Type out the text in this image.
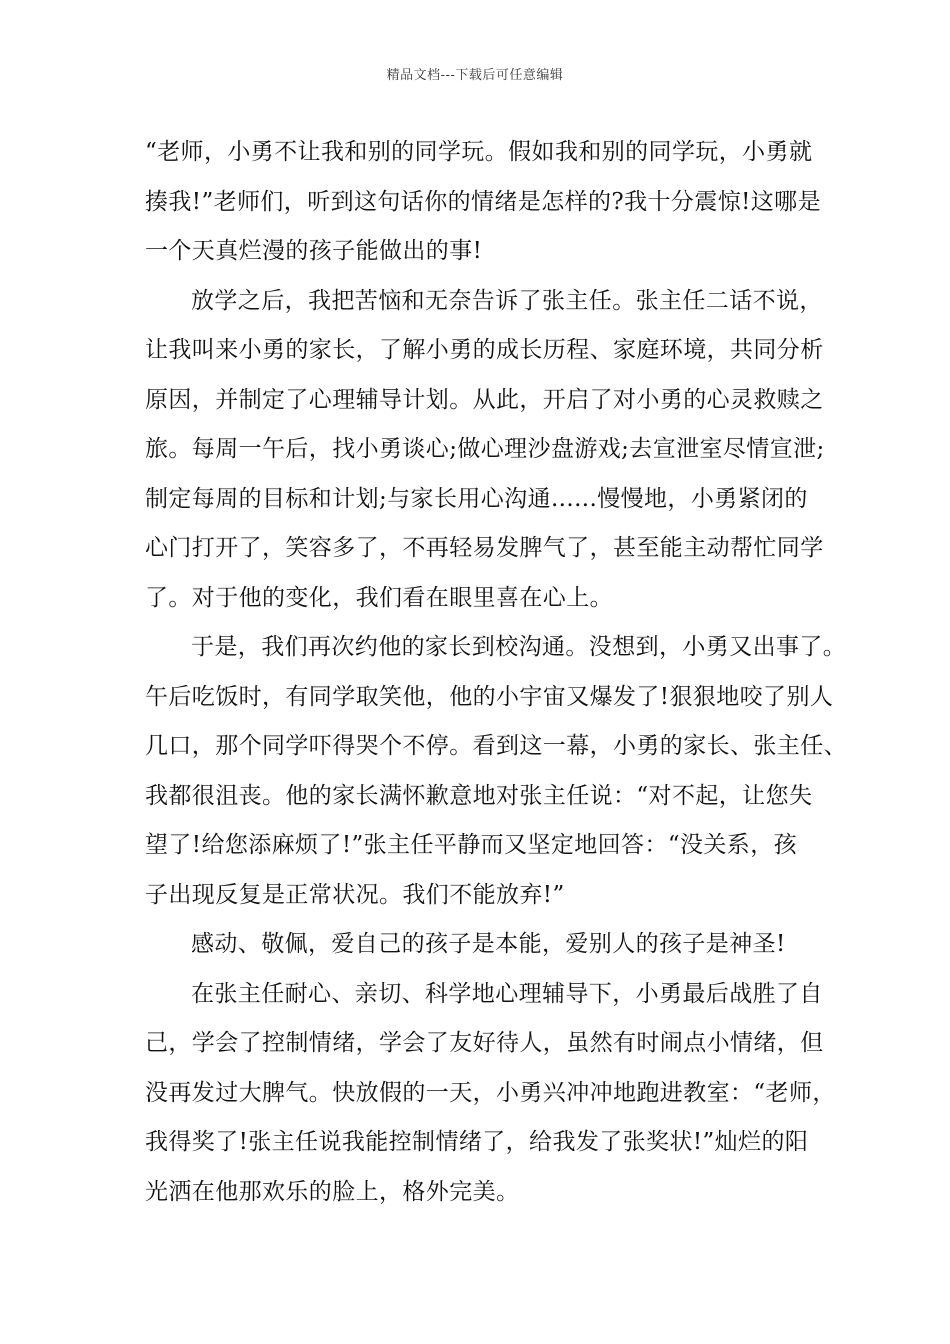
精品文档---下载后可任意编辑
“老师，小勇不让我和别的同学玩。假如我和别的同学玩，小勇就
揍我!”老师们，听到这句话你的情绪是怎样的?我十分震惊!这哪是
一个天真烂漫的孩子能做出的事!
放学之后，我把苦恼和无奈告诉了张主任。张主任二话不说，
让我叫来小勇的家长，了解小勇的成长历程、家庭环境，共同分析
原因，并制定了心理辅导计划。从此，开启了对小勇的心灵救赎之
旅。每周一午后，找小勇谈心;做心理沙盘游戏;去宣泄室尽情宣泄;
制定每周的目标和计划;与家长用心沟通......慢慢地，小勇紧闭的
心门打开了，笑容多了，不再轻易发脾气了，甚至能主动帮忙同学
了。对于他的变化，我们看在眼里喜在心上。
于是，我们再次约他的家长到校沟通。没想到，小勇又出事了。
午后吃饭时，有同学取笑他，他的小宇宙又爆发了!狠狠地咬了别人
几口，那个同学吓得哭个不停。看到这一幕，小勇的家长、张主任、
我都很沮丧。他的家长满怀歉意地对张主任说：“对不起，让您失
望了!给您添麻烦了!”张主任平静而又坚定地回答：“没关系，孩
子出现反复是正常状况。我们不能放弃!”
感动、敬佩，爱自己的孩子是本能，爱别人的孩子是神圣!
在张主任耐心、亲切、科学地心理辅导下，小勇最后战胜了自
己，学会了控制情绪，学会了友好待人，虽然有时闹点小情绪，但
没再发过大脾气。快放假的一天，小勇兴冲冲地跑进教室：“老师，
我得奖了!张主任说我能控制情绪了，给我发了张奖状!”灿烂的阳
光洒在他那欢乐的脸上，格外完美。
